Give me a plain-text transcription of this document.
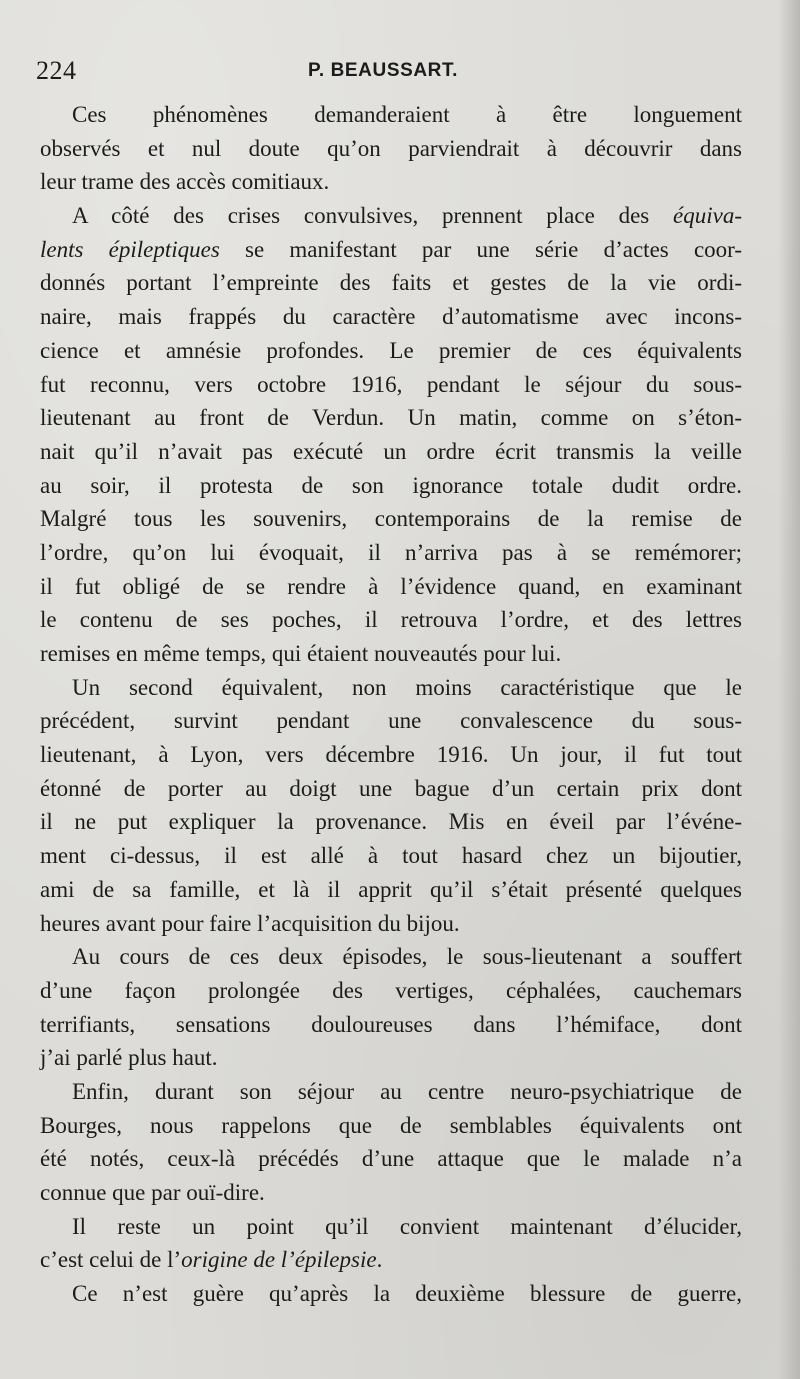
224	P. BEAUSSART.
Ces phénomènes demanderaient à être longuement
observés et nul doute qu’on parviendrait à découvrir dans
leur trame des accès comitiaux.
A côté des crises convulsives, prennent place des équiva-
lents épileptiques se manifestant par une série d’actes coor-
donnés portant l’empreinte des faits et gestes de la vie ordi-
naire, mais frappés du caractère d’automatisme avec incons-
cience et amnésie profondes. Le premier de ces équivalents
fut reconnu, vers octobre 1916, pendant le séjour du sous-
lieutenant au front de Verdun. Un matin, comme on s’éton-
nait qu’il n’avait pas exécuté un ordre écrit transmis la veille
au soir, il protesta de son ignorance totale dudit ordre.
Malgré tous les souvenirs, contemporains de la remise de
l’ordre, qu’on lui évoquait, il n’arriva pas à se remémorer;
il fut obligé de se rendre à l’évidence quand, en examinant
le contenu de ses poches, il retrouva l’ordre, et des lettres
remises en même temps, qui étaient nouveautés pour lui.
Un second équivalent, non moins caractéristique que le
précédent, survint pendant une convalescence du sous-
lieutenant, à Lyon, vers décembre 1916. Un jour, il fut tout
étonné de porter au doigt une bague d’un certain prix dont
il ne put expliquer la provenance. Mis en éveil par l’événe-
ment ci-dessus, il est allé à tout hasard chez un bijoutier,
ami de sa famille, et là il apprit qu’il s’était présenté quelques
heures avant pour faire l’acquisition du bijou.
Au cours de ces deux épisodes, le sous-lieutenant a souffert
d’une façon prolongée des vertiges, céphalées, cauchemars
terrifiants, sensations douloureuses dans l’hémiface, dont
j’ai parlé plus haut.
Enfin, durant son séjour au centre neuro-psychiatrique de
Bourges, nous rappelons que de semblables équivalents ont
été notés, ceux-là précédés d’une attaque que le malade n’a
connue que par ouï-dire.
Il reste un point qu’il convient maintenant d’élucider,
c’est celui de l’origine de l’épilepsie.
Ce n’est guère qu’après la deuxième blessure de guerre,
